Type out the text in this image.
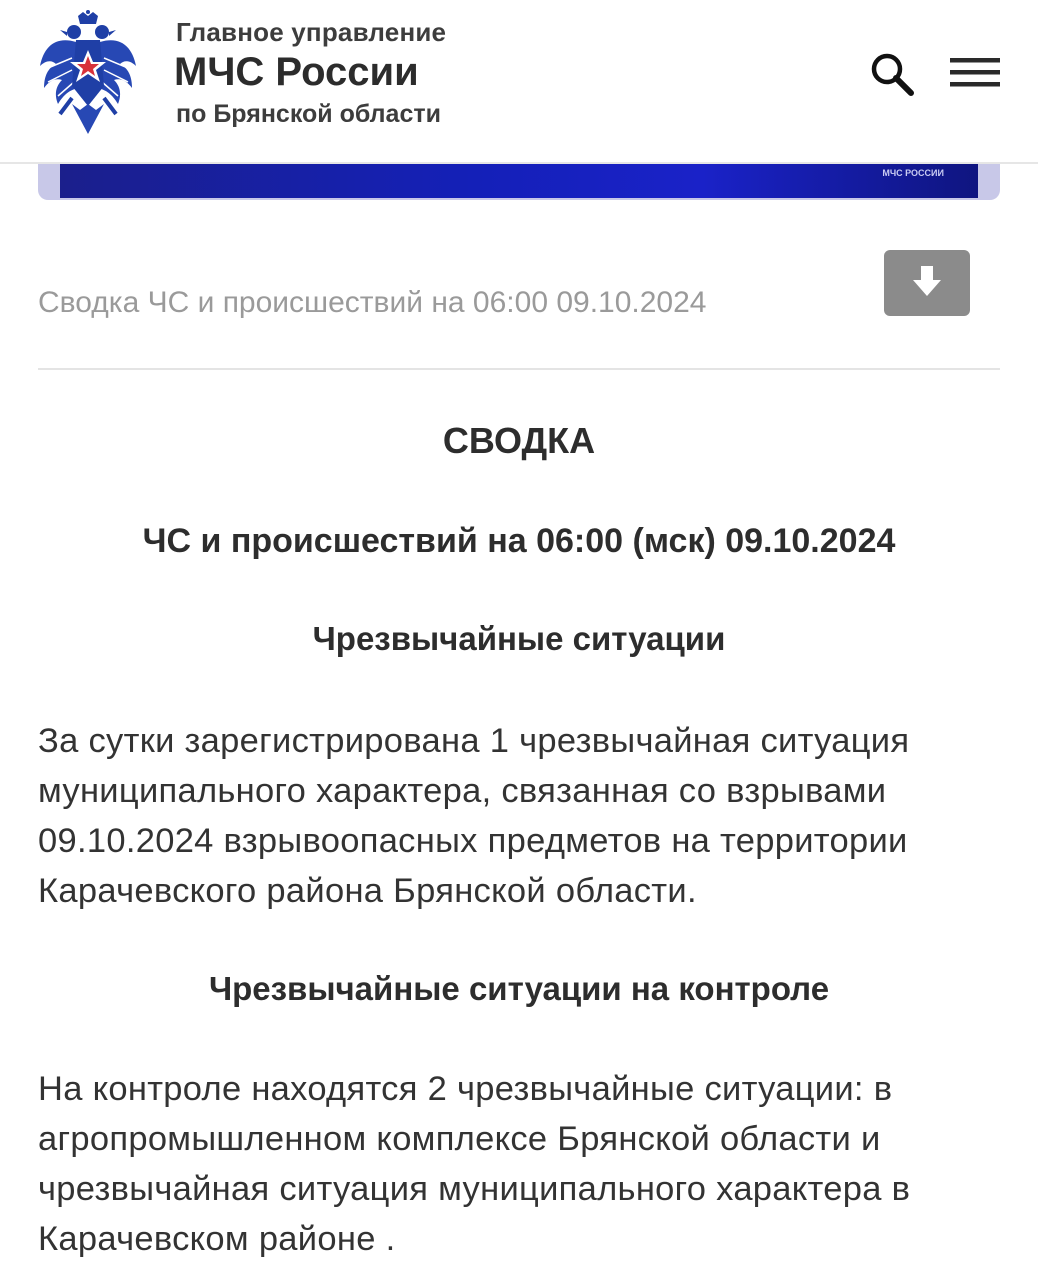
Главное управление
МЧС России
по Брянской области
МЧС РОССИИ
Сводка ЧС и происшествий на 06:00 09.10.2024
СВОДКА
ЧС и происшествий на 06:00 (мск) 09.10.2024
Чрезвычайные ситуации
За сутки зарегистрирована 1 чрезвычайная ситуация муниципального характера, связанная со взрывами 09.10.2024 взрывоопасных предметов на территории Карачевского района Брянской области.
Чрезвычайные ситуации на контроле
На контроле находятся 2 чрезвычайные ситуации: в агропромышленном комплексе Брянской области и чрезвычайная ситуация муниципального характера в Карачевском районе .
